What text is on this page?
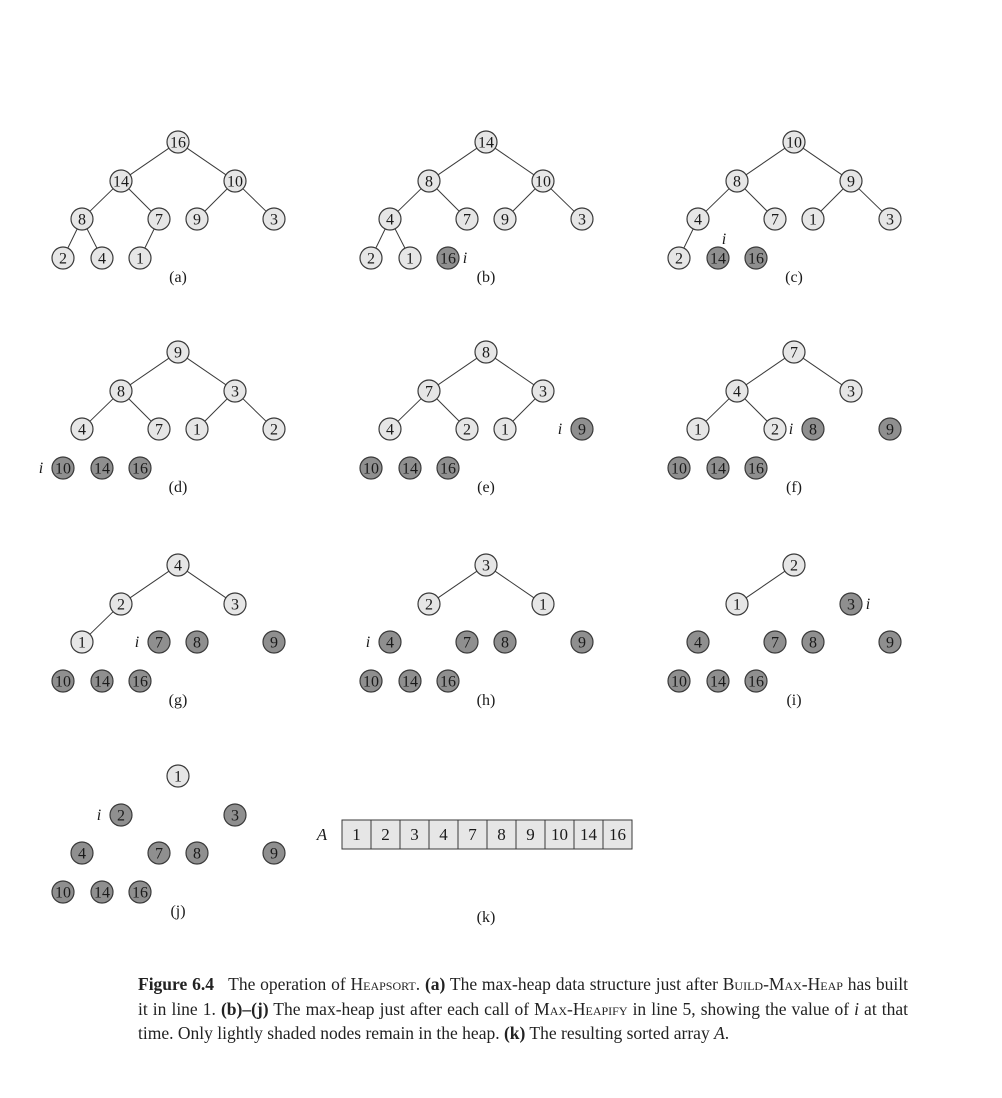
16
14	10
8	7 9	3
2 4 1
(a)
14
8	10
4	7 9	3
2 1 16 i
(b)
10
8	9
4	7 1	3
2 14 16
i
(c)
9
8	3
4	7 1	2
10 14 16
i
(d)
8
7	3
4	2 1	9
10 14 16
i
(e)
7
4	3
1	2 8	9
10 14 16
i
(f)
4
2	3
1	7 8	9
10 14 16
i
(g)
3
2	1
4	7 8	9
10 14 16
i
(h)
2
1	3
4	7 8	9
10 14 16
i
(i)
1
2	3
4	7 8	9
10 14 16
i
(j)
A 1 2 3 4 7 8 9 10 14 16
(k)
Figure 6.4 The operation of Heapsort. (a) The max-heap data structure just after Build-Max-Heap has built it in line 1. (b)–(j) The max-heap just after each call of Max-Heapify in line 5, showing the value of i at that time. Only lightly shaded nodes remain in the heap. (k) The resulting sorted array A.
